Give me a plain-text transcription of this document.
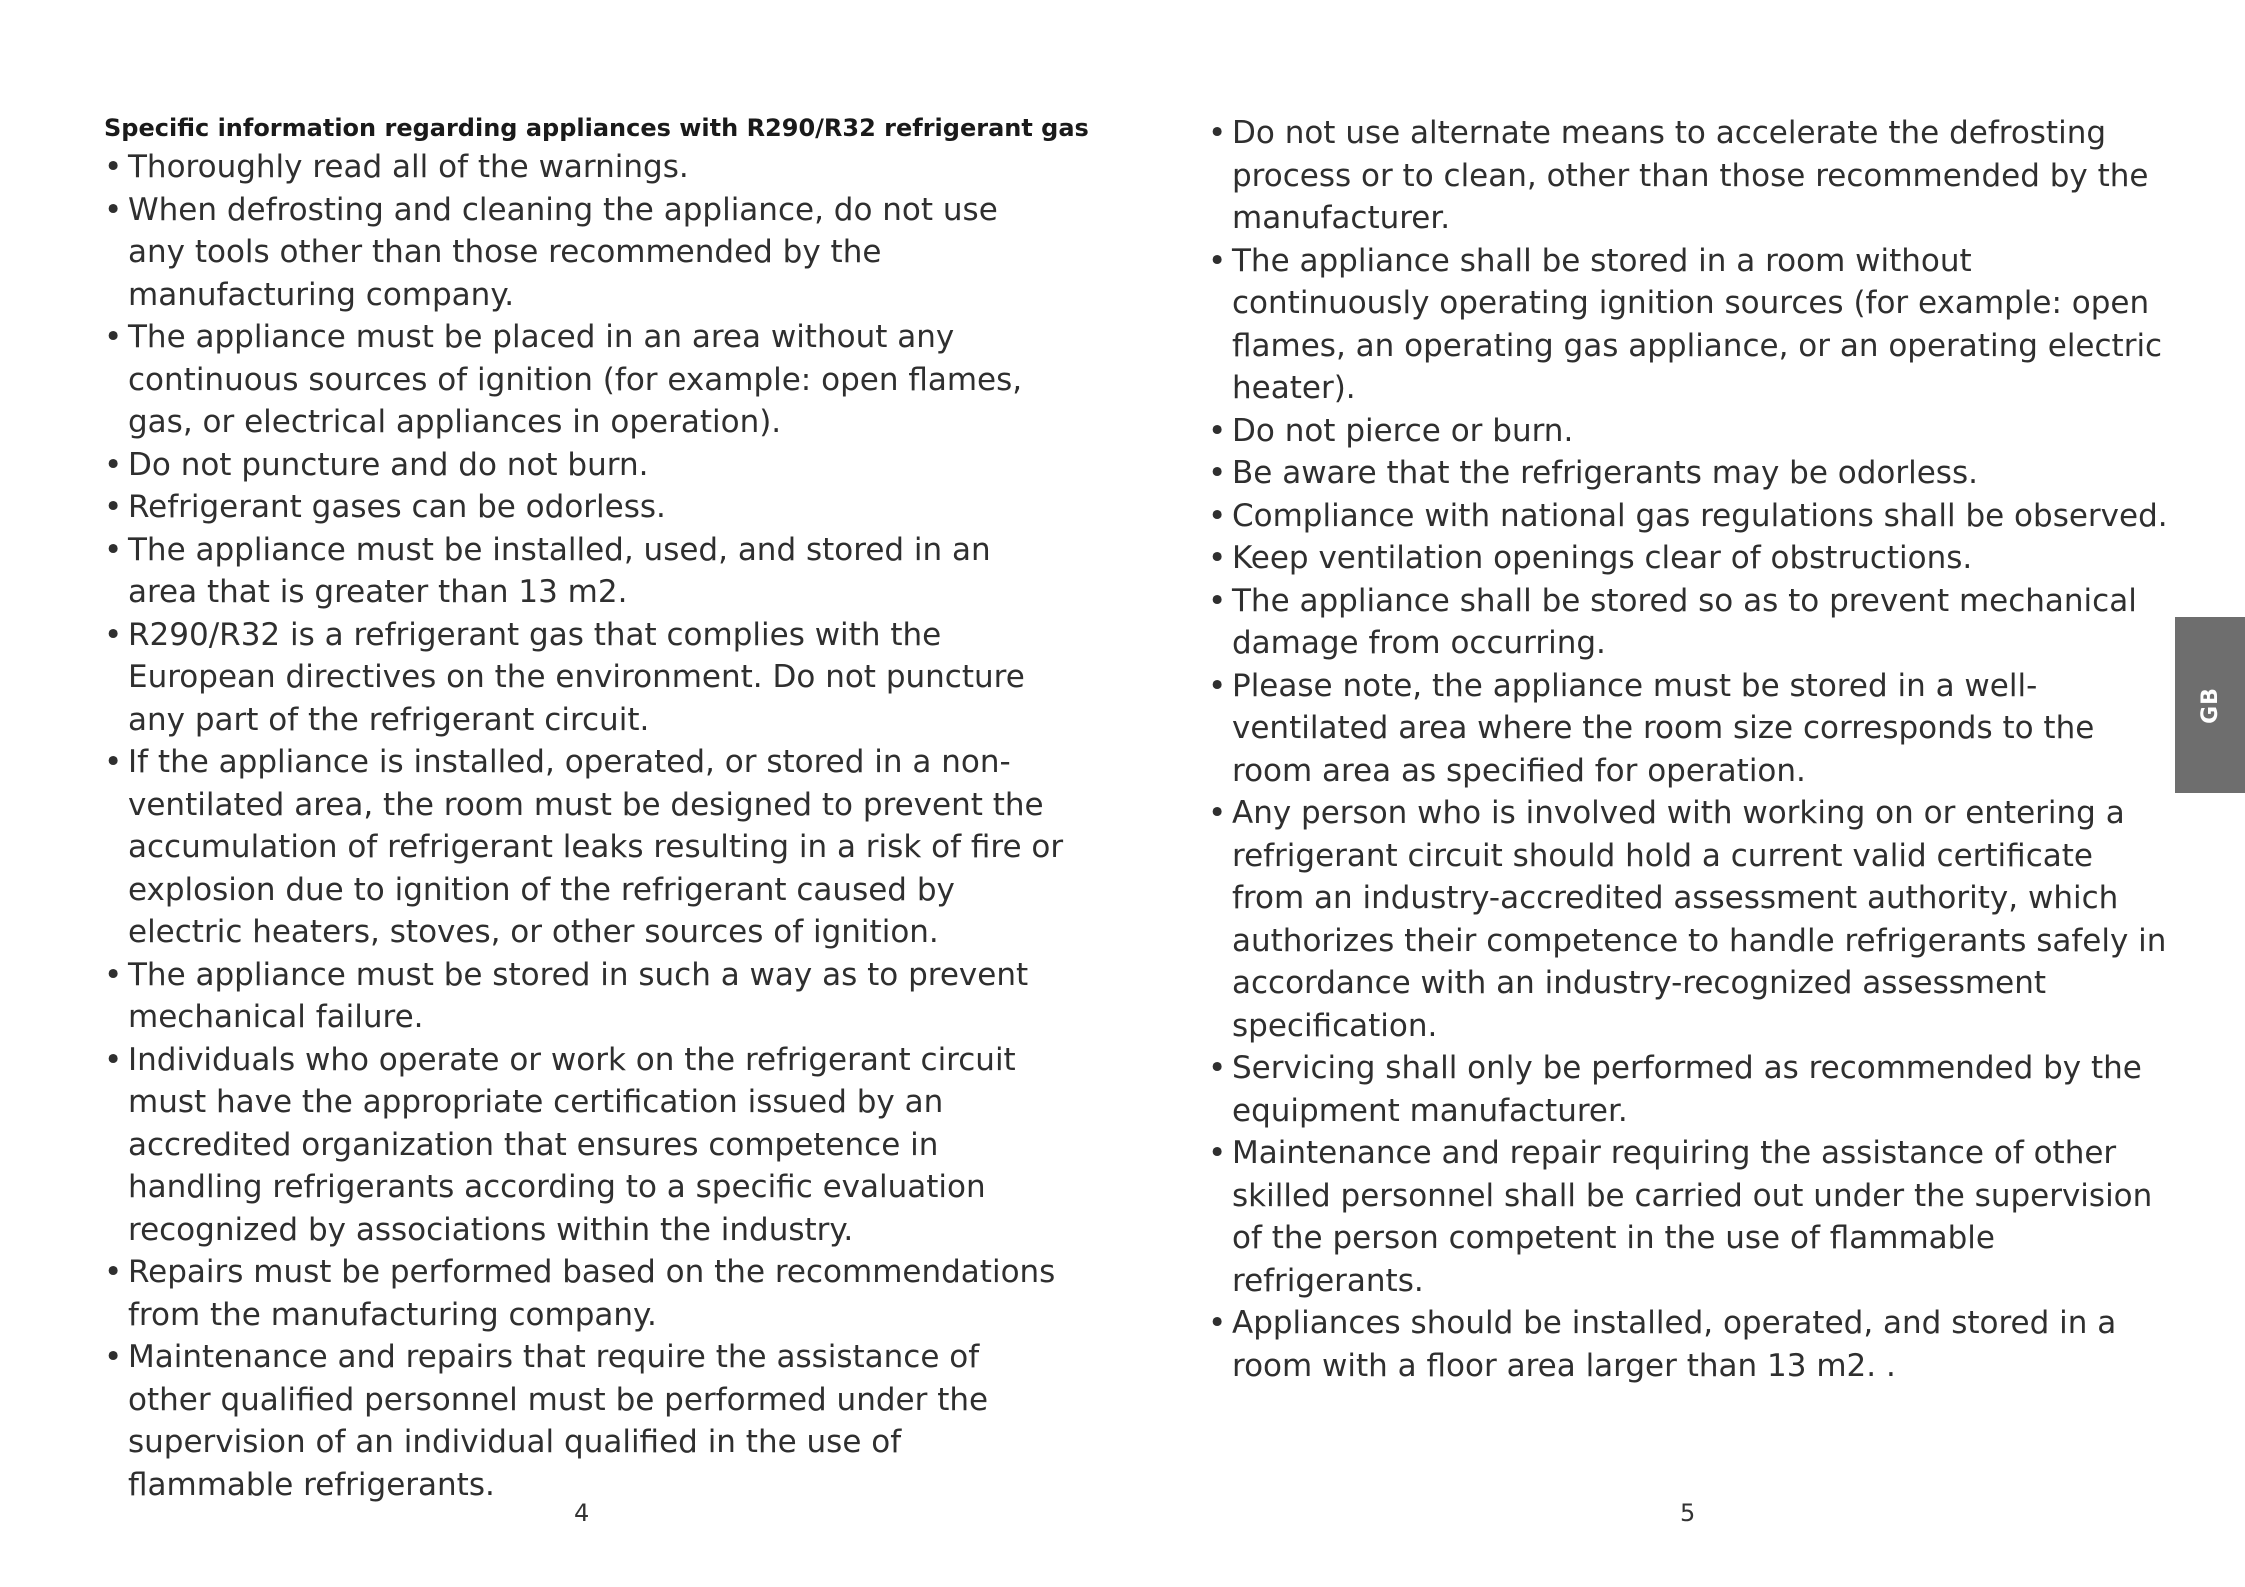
Specific information regarding appliances with R290/R32 refrigerant gas
• Thoroughly read all of the warnings.
• When defrosting and cleaning the appliance, do not use any tools other than those recommended by the manufacturing company.
• The appliance must be placed in an area without any continuous sources of ignition (for example: open flames, gas, or electrical appliances in operation).
• Do not puncture and do not burn.
• Refrigerant gases can be odorless.
• The appliance must be installed, used, and stored in an area that is greater than 13 m2.
• R290/R32 is a refrigerant gas that complies with the European directives on the environment. Do not puncture any part of the refrigerant circuit.
• If the appliance is installed, operated, or stored in a non-ventilated area, the room must be designed to prevent the accumulation of refrigerant leaks resulting in a risk of fire or explosion due to ignition of the refrigerant caused by electric heaters, stoves, or other sources of ignition.
• The appliance must be stored in such a way as to prevent mechanical failure.
• Individuals who operate or work on the refrigerant circuit must have the appropriate certification issued by an accredited organization that ensures competence in handling refrigerants according to a specific evaluation recognized by associations within the industry.
• Repairs must be performed based on the recommendations from the manufacturing company.
• Maintenance and repairs that require the assistance of other qualified personnel must be performed under the supervision of an individual qualified in the use of flammable refrigerants.
4
• Do not use alternate means to accelerate the defrosting process or to clean, other than those recommended by the manufacturer.
• The appliance shall be stored in a room without continuously operating ignition sources (for example: open flames, an operating gas appliance, or an operating electric heater).
• Do not pierce or burn.
• Be aware that the refrigerants may be odorless.
• Compliance with national gas regulations shall be observed.
• Keep ventilation openings clear of obstructions.
• The appliance shall be stored so as to prevent mechanical damage from occurring.
• Please note, the appliance must be stored in a well-ventilated area where the room size corresponds to the room area as specified for operation.
• Any person who is involved with working on or entering a refrigerant circuit should hold a current valid certificate from an industry-accredited assessment authority, which authorizes their competence to handle refrigerants safely in accordance with an industry-recognized assessment specification.
• Servicing shall only be performed as recommended by the equipment manufacturer.
• Maintenance and repair requiring the assistance of other skilled personnel shall be carried out under the supervision of the person competent in the use of flammable refrigerants.
• Appliances should be installed, operated, and stored in a room with a floor area larger than 13 m2. .
5
GB
